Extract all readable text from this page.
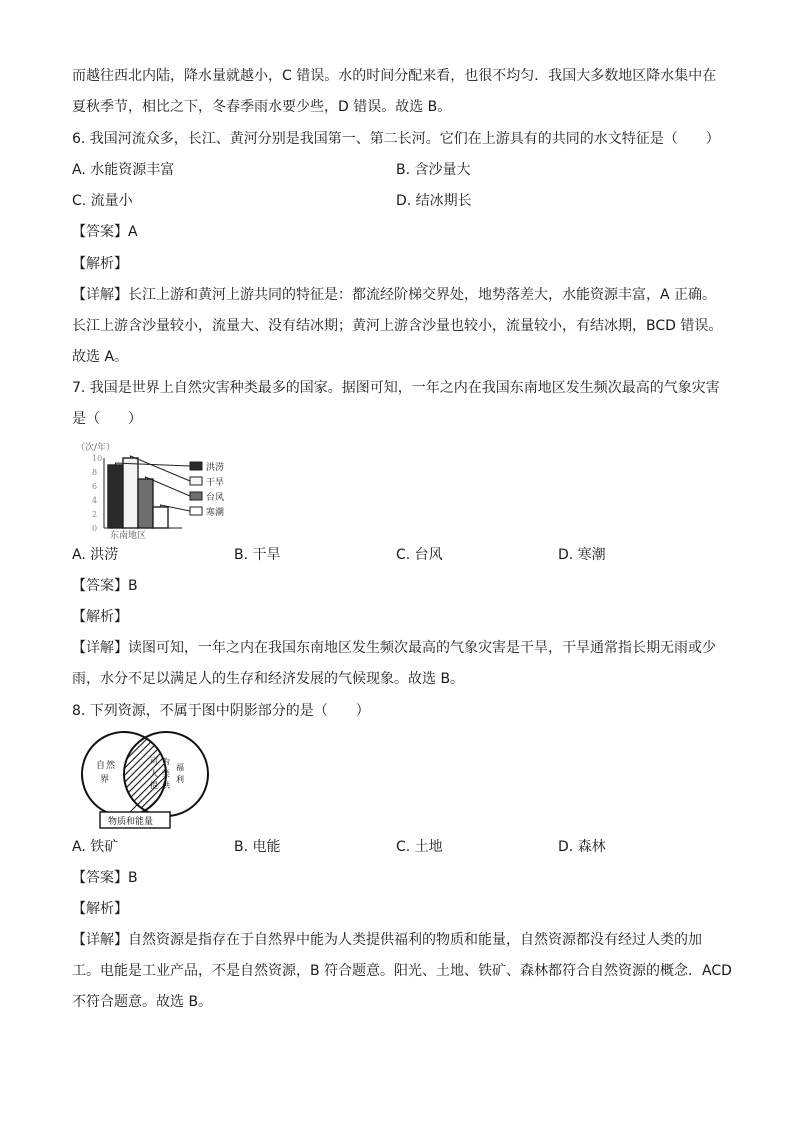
而越往西北内陆，降水量就越小，C 错误。水的时间分配来看，也很不均匀．我国大多数地区降水集中在
夏秋季节，相比之下，冬春季雨水要少些，D 错误。故选 B。
6. 我国河流众多，长江、黄河分别是我国第一、第二长河。它们在上游具有的共同的水文特征是（　　）
A. 水能资源丰富	B. 含沙量大
C. 流量小	D. 结冰期长
【答案】A
【解析】
【详解】长江上游和黄河上游共同的特征是：都流经阶梯交界处，地势落差大，水能资源丰富，A 正确。
长江上游含沙量较小，流量大、没有结冰期；黄河上游含沙量也较小，流量较小，有结冰期，BCD 错误。
故选 A。
7. 我国是世界上自然灾害种类最多的国家。据图可知，一年之内在我国东南地区发生频次最高的气象灾害
是（　　）
（次/年）
10
8
6
4
2
0
洪涝
干旱
台风
寒潮
东南地区
A. 洪涝	B. 干旱	C. 台风	D. 寒潮
【答案】B
【解析】
【详解】读图可知，一年之内在我国东南地区发生频次最高的气象灾害是干旱，干旱通常指长期无雨或少
雨，水分不足以满足人的生存和经济发展的气候现象。故选 B。
8. 下列资源，不属于图中阴影部分的是（　　）
自 然
界
可 为
人 类
提 供
福
利
物质和能量
A. 铁矿	B. 电能	C. 土地	D. 森林
【答案】B
【解析】
【详解】自然资源是指存在于自然界中能为人类提供福利的物质和能量，自然资源都没有经过人类的加
工。电能是工业产品，不是自然资源，B 符合题意。阳光、土地、铁矿、森林都符合自然资源的概念．ACD
不符合题意。故选 B。
